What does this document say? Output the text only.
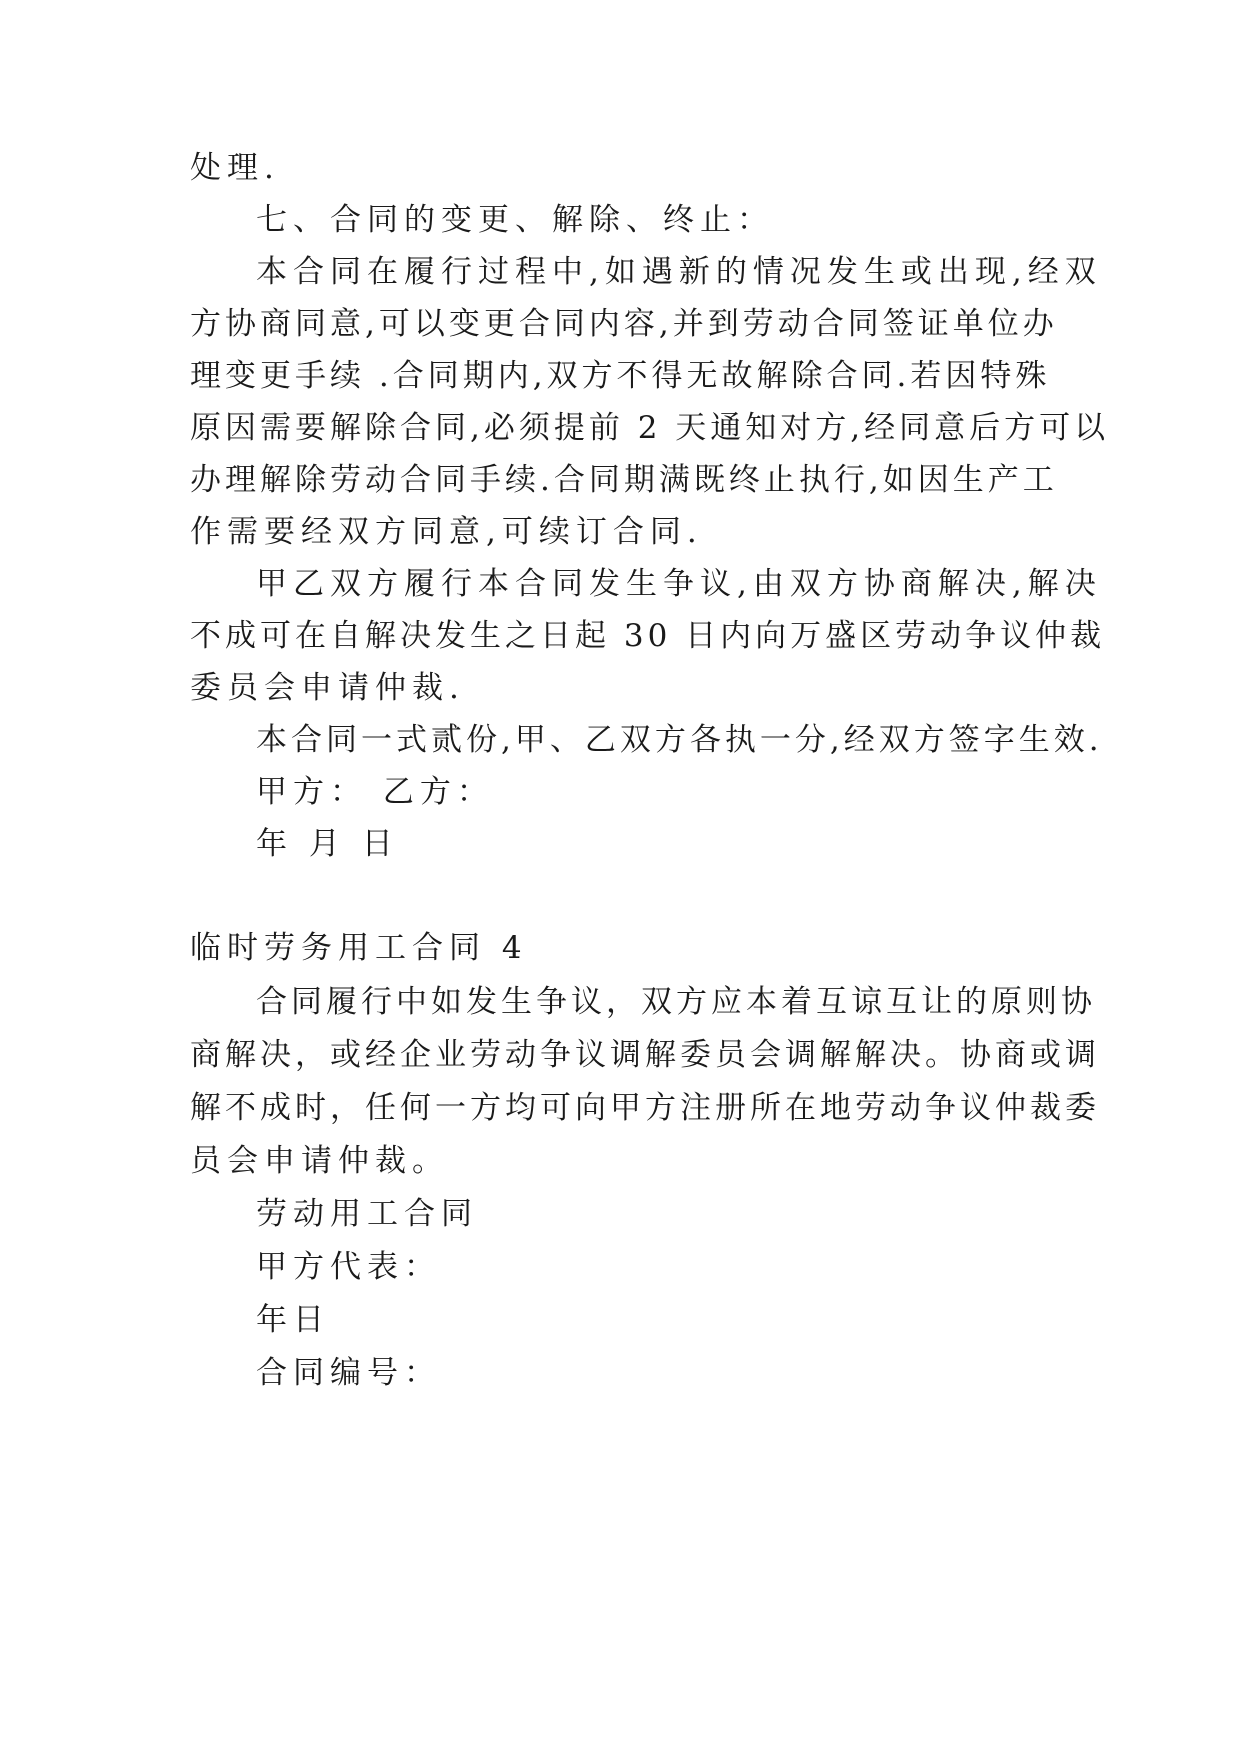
处理.
七、合同的变更、解除、终止：
本合同在履行过程中,如遇新的情况发生或出现,经双
方协商同意,可以变更合同内容,并到劳动合同签证单位办
理变更手续 .合同期内,双方不得无故解除合同.若因特殊
原因需要解除合同,必须提前 2 天通知对方,经同意后方可以
办理解除劳动合同手续.合同期满既终止执行,如因生产工
作需要经双方同意,可续订合同.
甲乙双方履行本合同发生争议,由双方协商解决,解决
不成可在自解决发生之日起 30 日内向万盛区劳动争议仲裁
委员会申请仲裁.
本合同一式贰份,甲、乙双方各执一分,经双方签字生效.
甲方： 乙方：
年 月 日
临时劳务用工合同 4
合同履行中如发生争议，双方应本着互谅互让的原则协
商解决，或经企业劳动争议调解委员会调解解决。协商或调
解不成时，任何一方均可向甲方注册所在地劳动争议仲裁委
员会申请仲裁。
劳动用工合同
甲方代表：
年日
合同编号：
